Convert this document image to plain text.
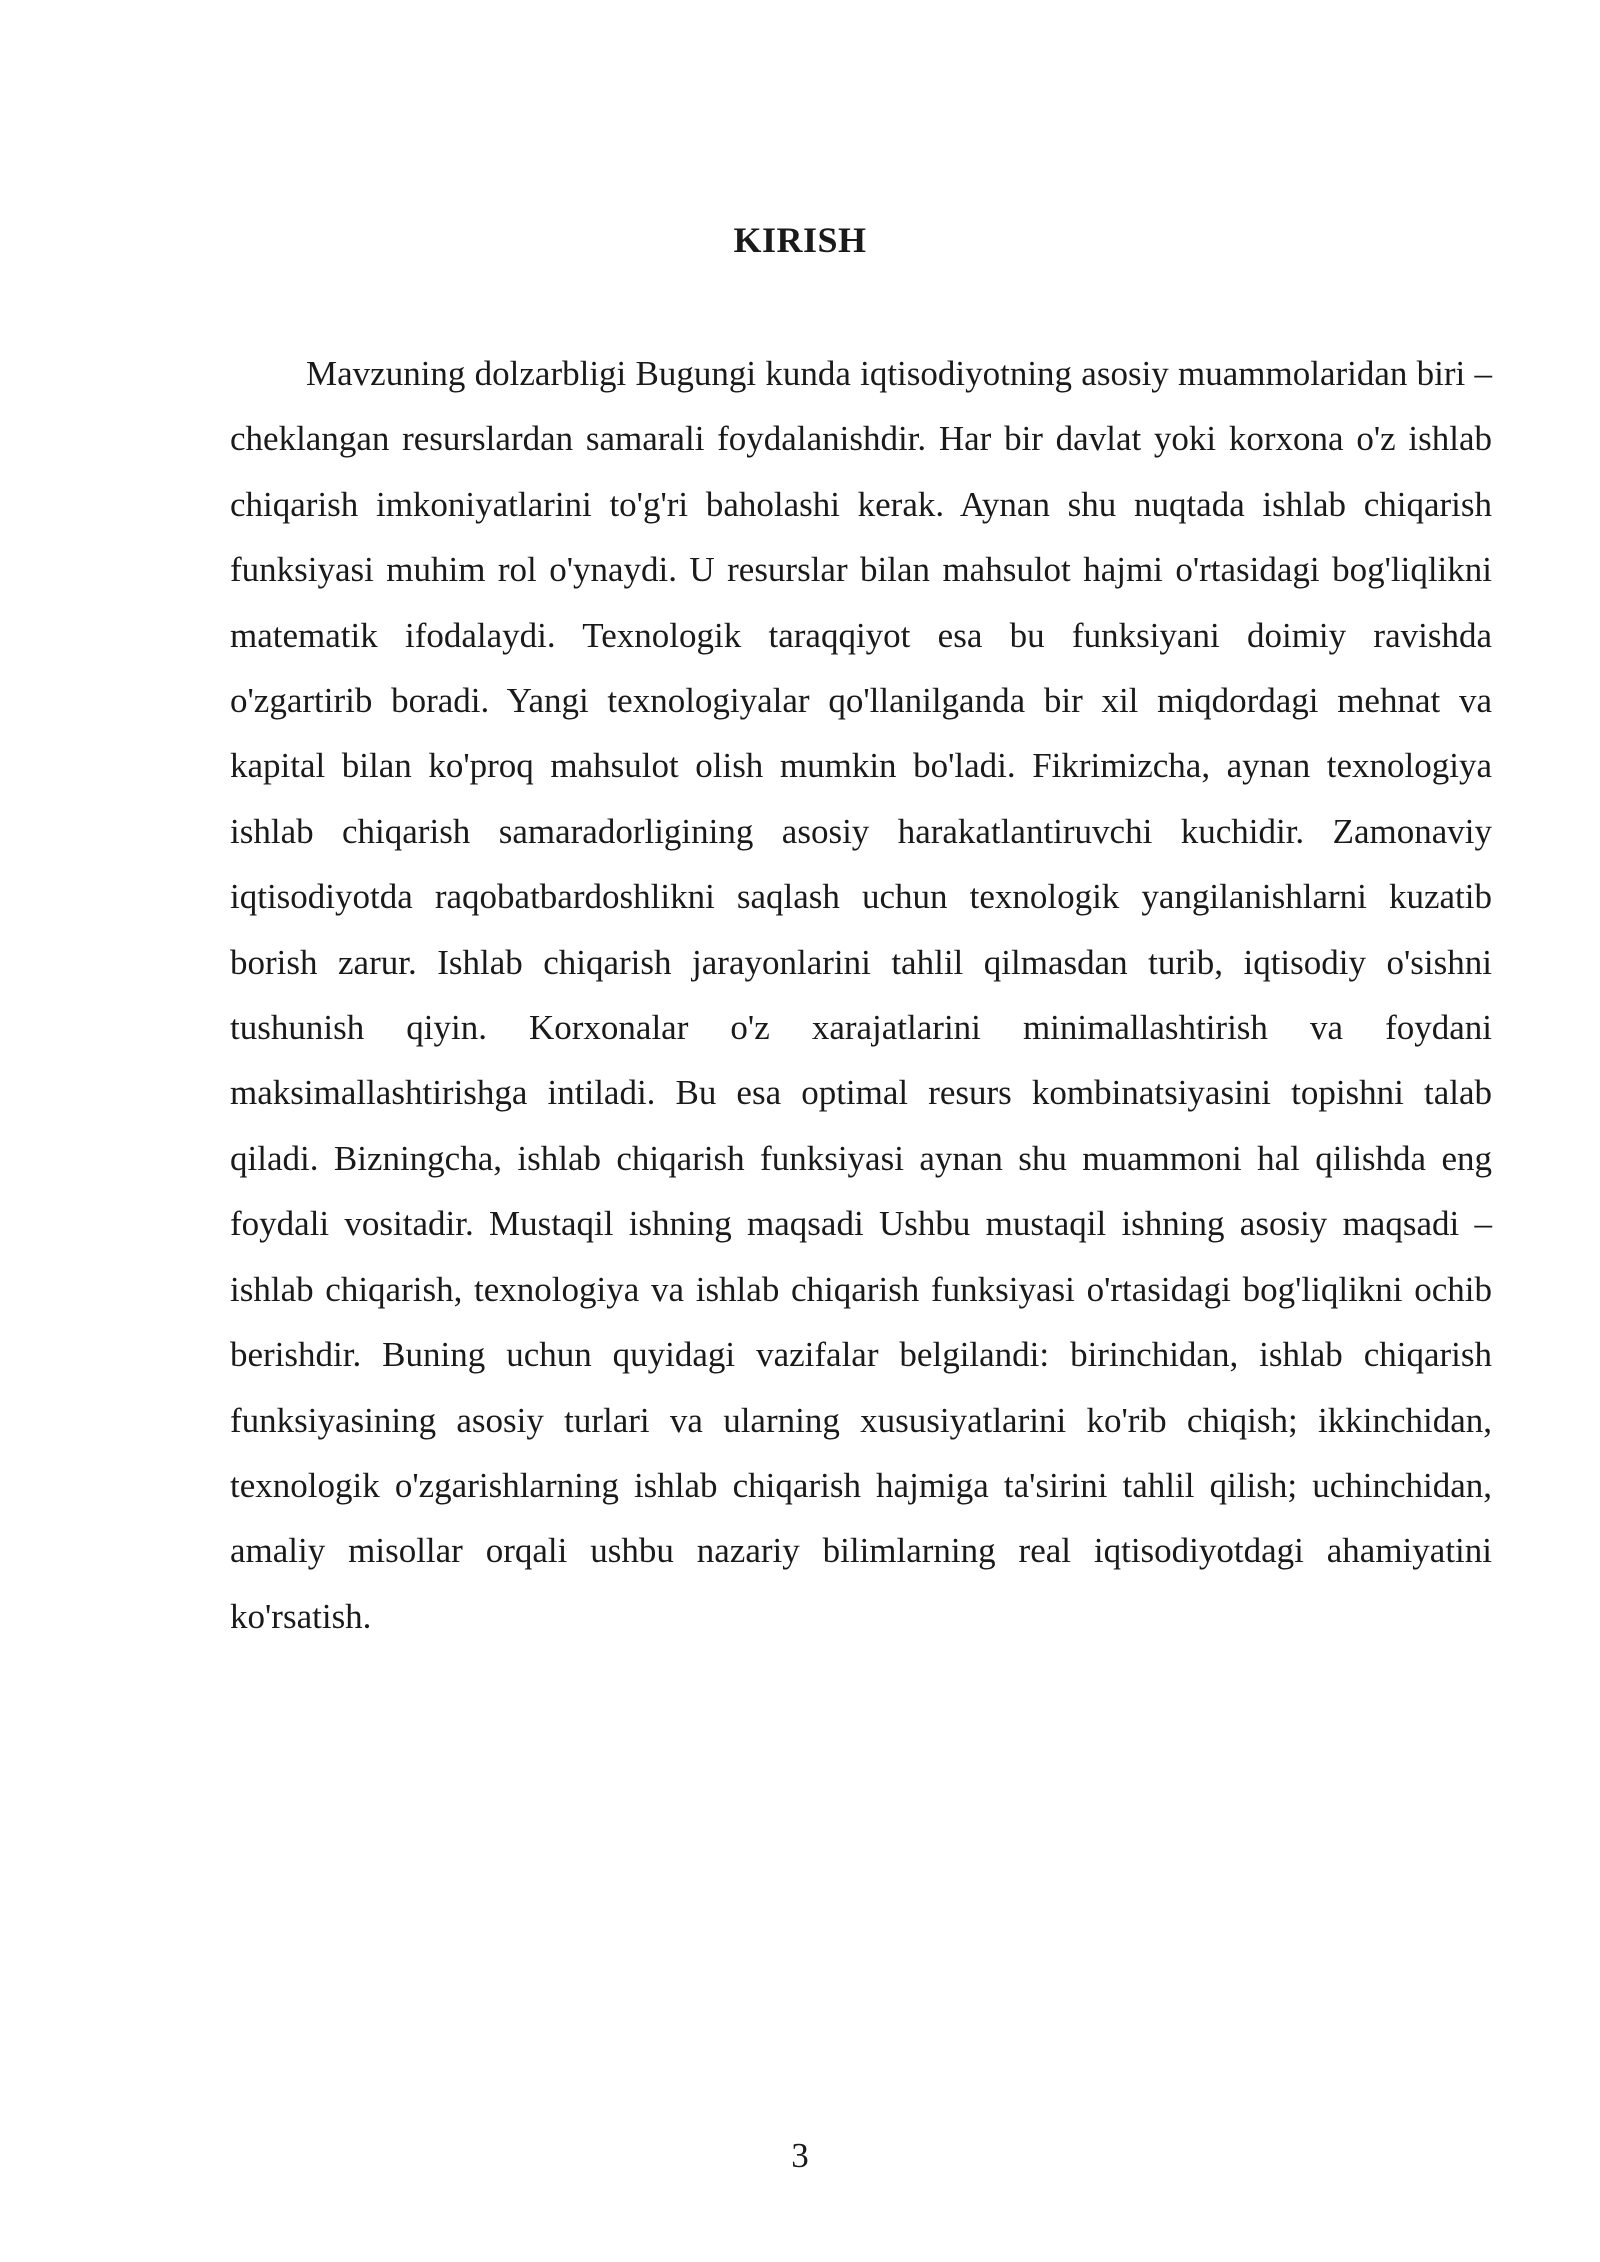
KIRISH

Mavzuning dolzarbligi Bugungi kunda iqtisodiyotning asosiy muammolaridan biri – cheklangan resurslardan samarali foydalanishdir. Har bir davlat yoki korxona o'z ishlab chiqarish imkoniyatlarini to'g'ri baholashi kerak. Aynan shu nuqtada ishlab chiqarish funksiyasi muhim rol o'ynaydi. U resurslar bilan mahsulot hajmi o'rtasidagi bog'liqlikni matematik ifodalaydi. Texnologik taraqqiyot esa bu funksiyani doimiy ravishda o'zgartirib boradi. Yangi texnologiyalar qo'llanilganda bir xil miqdordagi mehnat va kapital bilan ko'proq mahsulot olish mumkin bo'ladi. Fikrimizcha, aynan texnologiya ishlab chiqarish samaradorligining asosiy harakatlantiruvchi kuchidir. Zamonaviy iqtisodiyotda raqobatbardoshlikni saqlash uchun texnologik yangilanishlarni kuzatib borish zarur. Ishlab chiqarish jarayonlarini tahlil qilmasdan turib, iqtisodiy o'sishni tushunish qiyin. Korxonalar o'z xarajatlarini minimallashtirish va foydani maksimallashtirishga intiladi. Bu esa optimal resurs kombinatsiyasini topishni talab qiladi. Bizningcha, ishlab chiqarish funksiyasi aynan shu muammoni hal qilishda eng foydali vositadir. Mustaqil ishning maqsadi Ushbu mustaqil ishning asosiy maqsadi – ishlab chiqarish, texnologiya va ishlab chiqarish funksiyasi o'rtasidagi bog'liqlikni ochib berishdir. Buning uchun quyidagi vazifalar belgilandi: birinchidan, ishlab chiqarish funksiyasining asosiy turlari va ularning xususiyatlarini ko'rib chiqish; ikkinchidan, texnologik o'zgarishlarning ishlab chiqarish hajmiga ta'sirini tahlil qilish; uchinchidan, amaliy misollar orqali ushbu nazariy bilimlarning real iqtisodiyotdagi ahamiyatini ko'rsatish.

3
